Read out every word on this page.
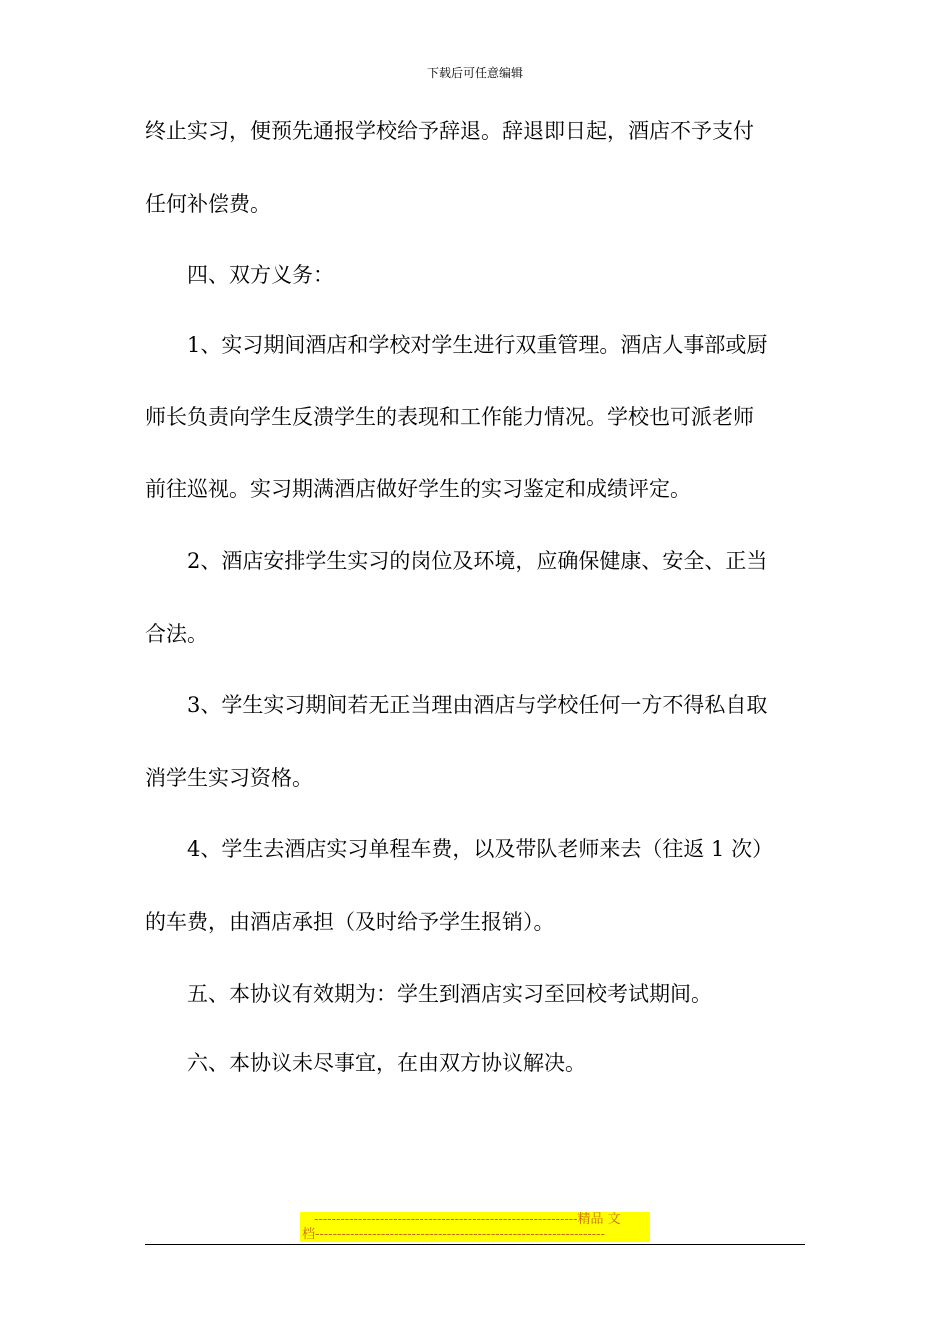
下载后可任意编辑
终止实习，便预先通报学校给予辞退。辞退即日起，酒店不予支付
任何补偿费。
四、双方义务：
1、实习期间酒店和学校对学生进行双重管理。酒店人事部或厨
师长负责向学生反溃学生的表现和工作能力情况。学校也可派老师
前往巡视。实习期满酒店做好学生的实习鉴定和成绩评定。
2、酒店安排学生实习的岗位及环境，应确保健康、安全、正当
合法。
3、学生实习期间若无正当理由酒店与学校任何一方不得私自取
消学生实习资格。
4、学生去酒店实习单程车费，以及带队老师来去（往返 1 次）
的车费，由酒店承担（及时给予学生报销）。
五、本协议有效期为：学生到酒店实习至回校考试期间。
六、本协议未尽事宜，在由双方协议解决。
------------------------------------------------------------精品 文
档------------------------------------------------------------------
